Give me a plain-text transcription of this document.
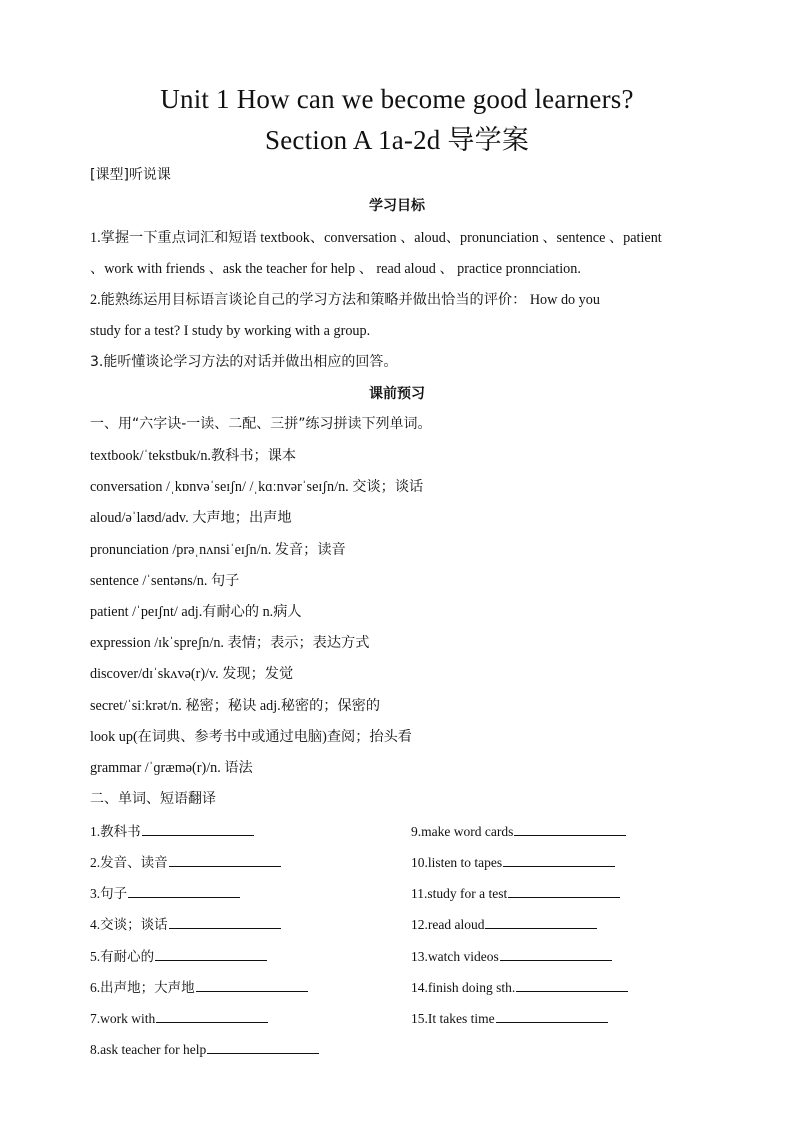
Unit 1 How can we become good learners?
Section A 1a-2d 导学案
[课型]听说课
学习目标
1.掌握一下重点词汇和短语 textbook、conversation 、aloud、pronunciation 、sentence 、patient
、work with friends 、ask the teacher for help 、 read aloud 、 practice pronnciation.
2.能熟练运用目标语言谈论自己的学习方法和策略并做出恰当的评价： How do you
study for a test? I study by working with a group.
3.能听懂谈论学习方法的对话并做出相应的回答。
课前预习
一、用“六字诀-一读、二配、三拼”练习拼读下列单词。
textbook/ˈtekstbuk/n.教科书；课本
conversation /ˌkɒnvəˈseɪʃn/ /ˌkɑːnvərˈseɪʃn/n. 交谈；谈话
aloud/əˈlaʊd/adv. 大声地；出声地
pronunciation /prəˌnʌnsiˈeɪʃn/n. 发音；读音
sentence /ˈsentəns/n. 句子
patient /ˈpeɪʃnt/ adj.有耐心的 n.病人
expression /ɪkˈspreʃn/n. 表情；表示；表达方式
discover/dɪˈskʌvə(r)/v. 发现；发觉
secret/ˈsiːkrət/n. 秘密；秘诀 adj.秘密的；保密的
look up(在词典、参考书中或通过电脑)查阅；抬头看
grammar /ˈɡræmə(r)/n. 语法
二、单词、短语翻译
1.教科书
2.发音、读音
3.句子
4.交谈；谈话
5.有耐心的
6.出声地；大声地
7.work with
8.ask teacher for help
9.make word cards
10.listen to tapes
11.study for a test
12.read aloud
13.watch videos
14.finish doing sth.
15.It takes time
